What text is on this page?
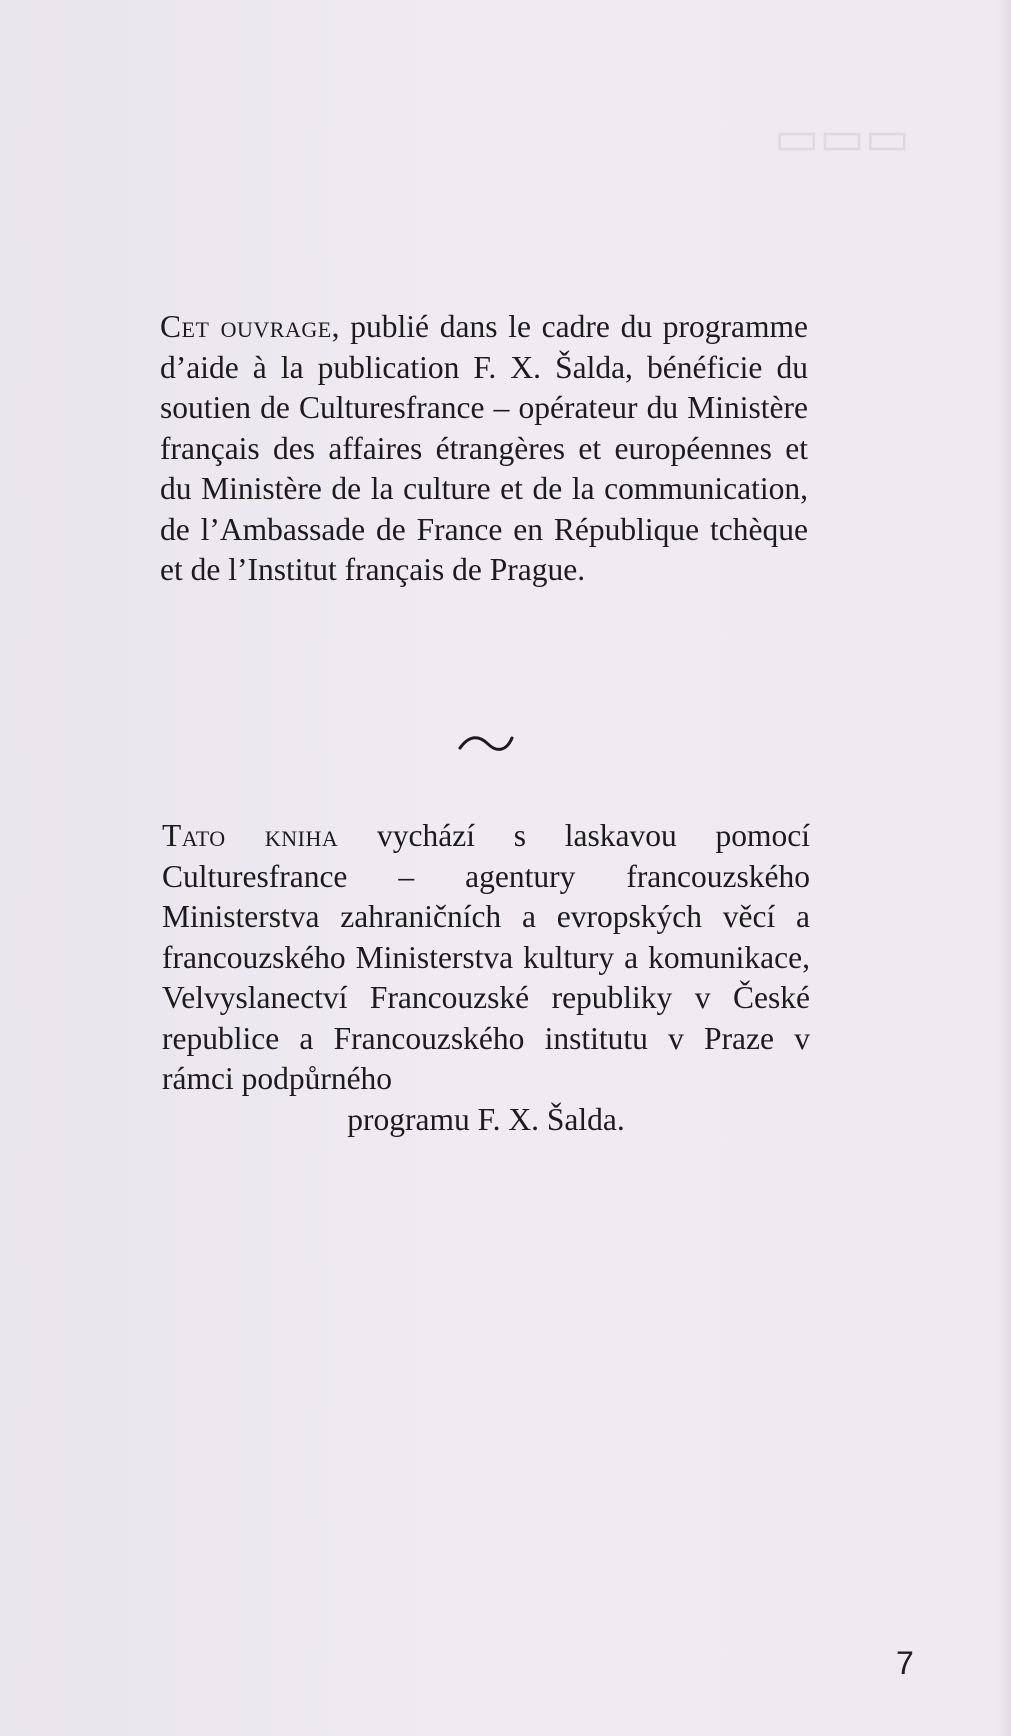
▭▭▭

Cet ouvrage, publié dans le cadre du programme d’aide à la publication F. X. Šalda, bénéficie du soutien de Culturesfrance – opérateur du Ministère français des affaires étrangères et européennes et du Ministère de la culture et de la communication, de l’Ambassade de France en République tchèque et de l’Institut français de Prague.

Tato kniha vychází s laskavou pomocí Culturesfrance – agentury francouzského Ministerstva zahraničních a evropských věcí a francouzského Ministerstva kultury a komunikace, Velvyslanectví Francouzské republiky v České republice a Francouzského institutu v Praze v rámci podpůrného

programu F. X. Šalda.
7
